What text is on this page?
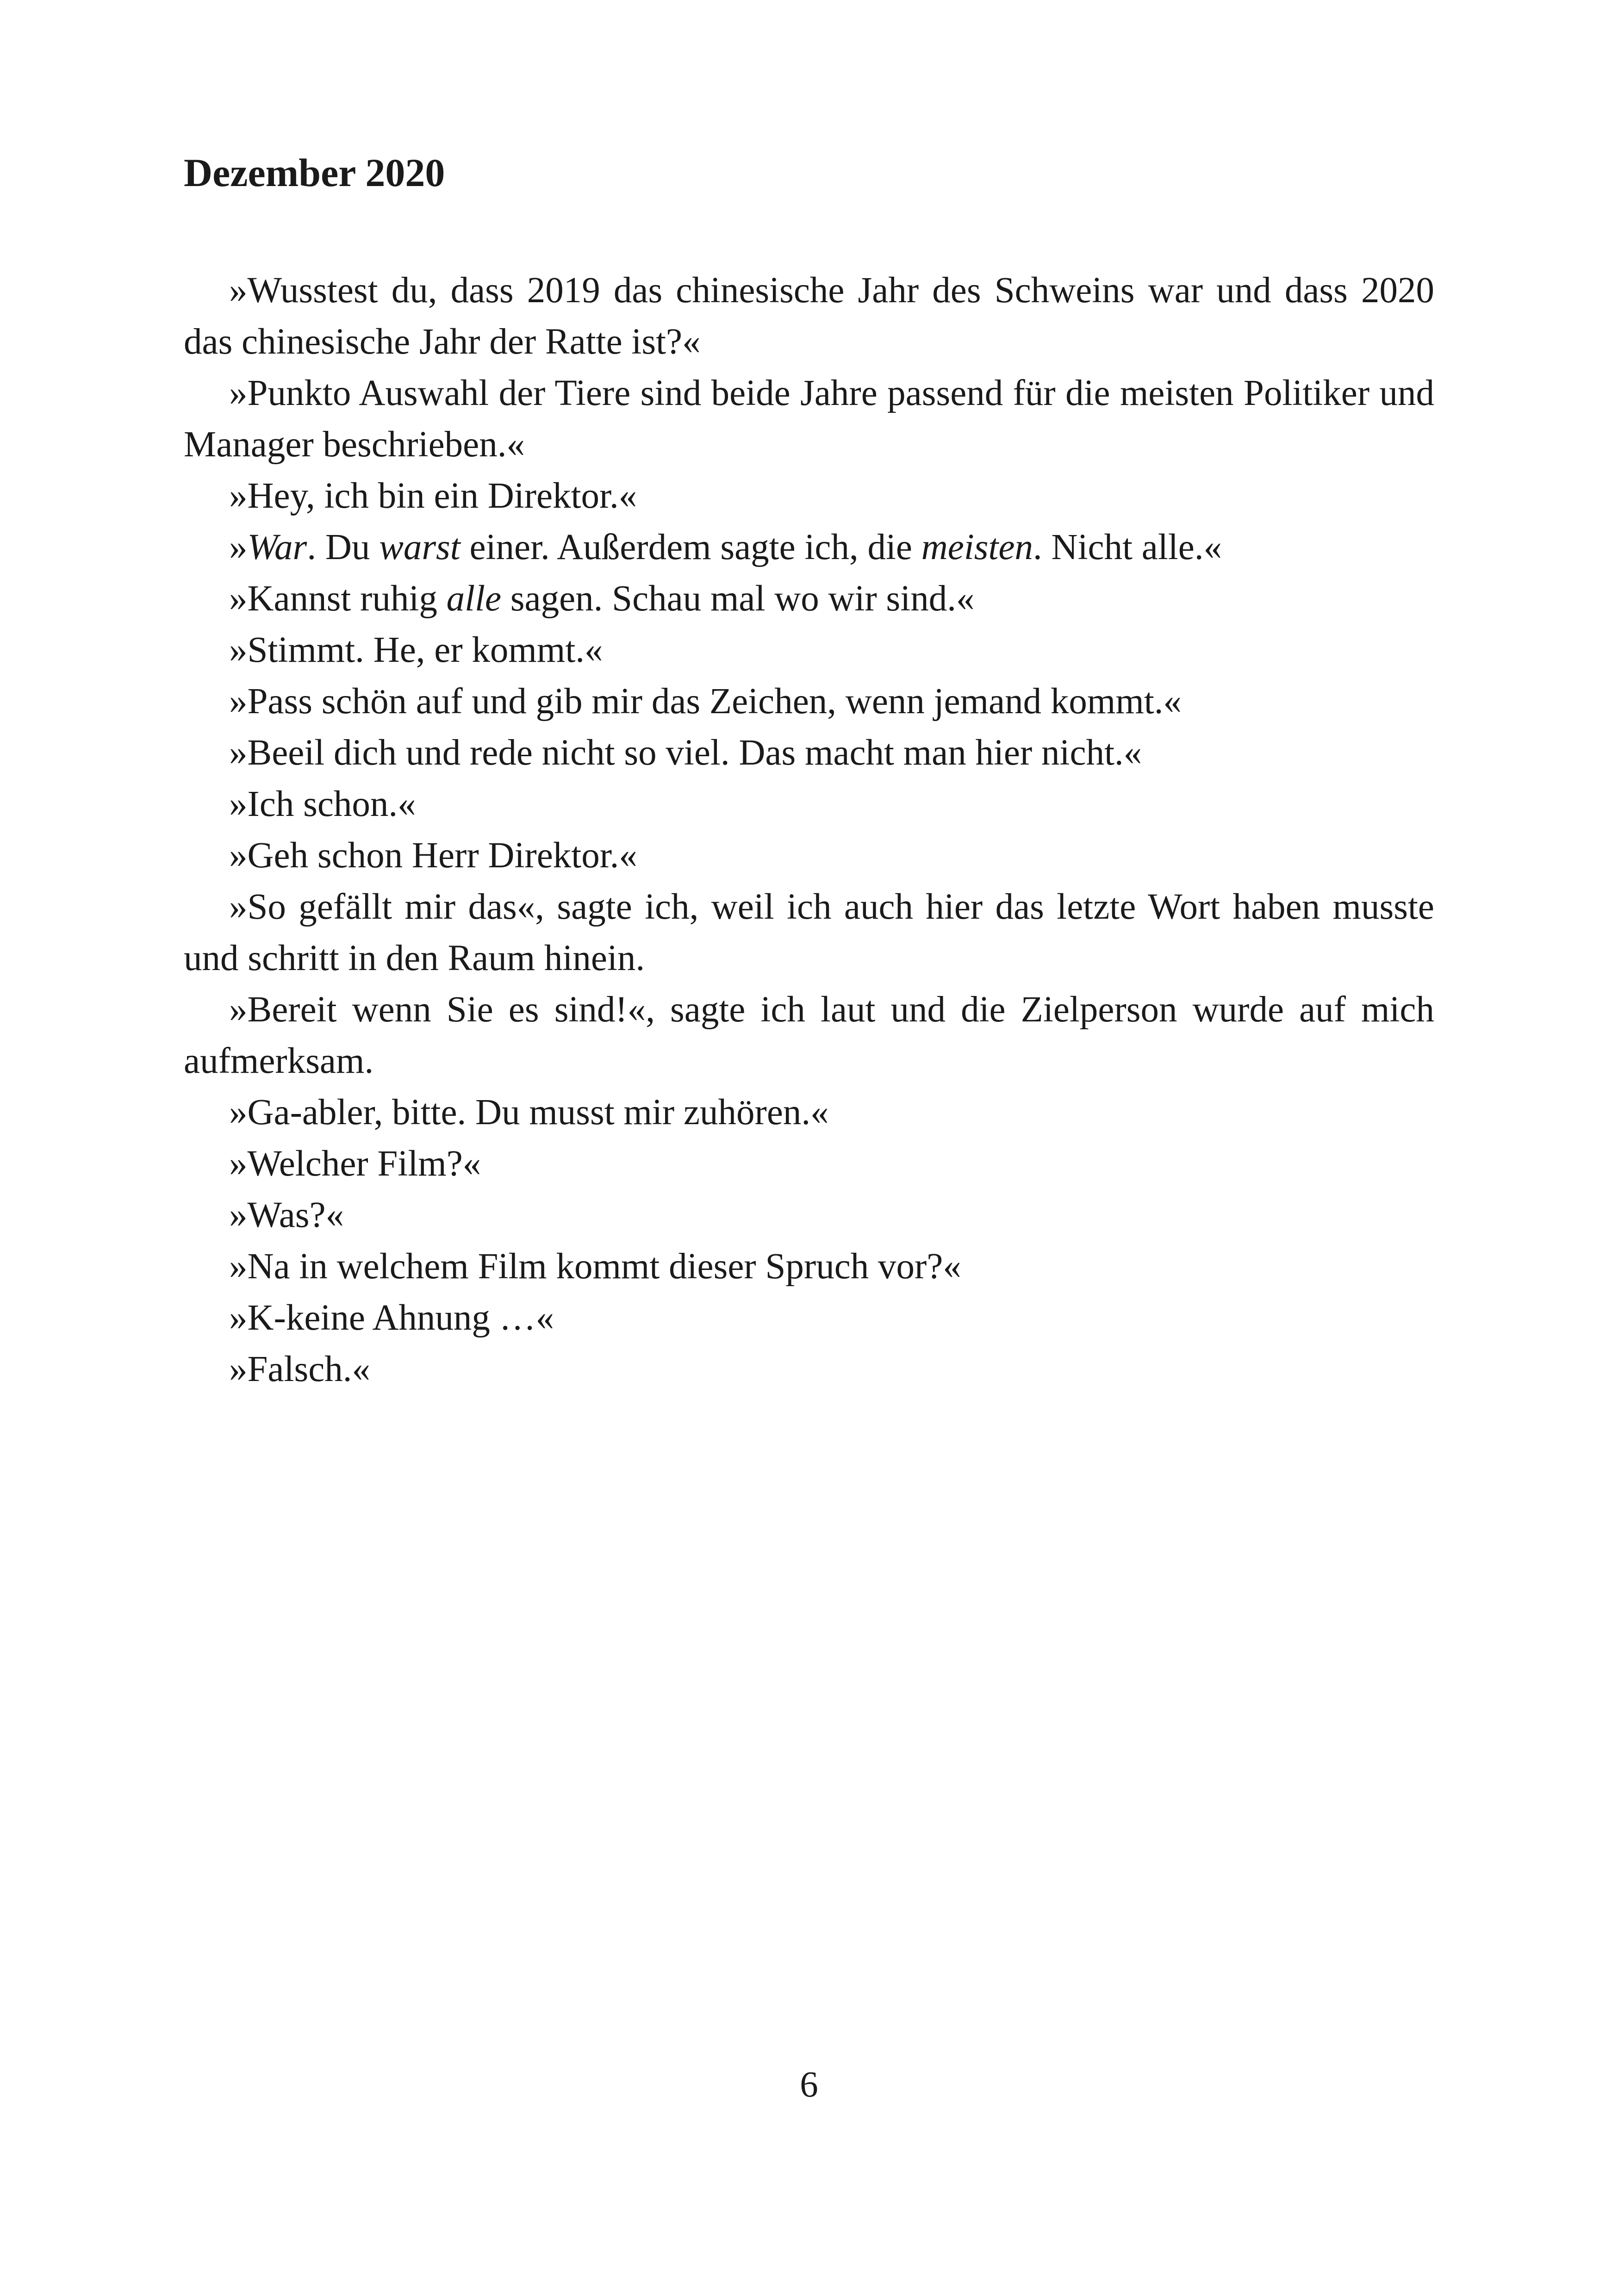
Dezember 2020

»Wusstest du, dass 2019 das chinesische Jahr des Schweins war und dass 2020 das chinesische Jahr der Ratte ist?«

»Punkto Auswahl der Tiere sind beide Jahre passend für die meisten Politiker und Manager beschrieben.«

»Hey, ich bin ein Direktor.«

»War. Du warst einer. Außerdem sagte ich, die meisten. Nicht alle.«

»Kannst ruhig alle sagen. Schau mal wo wir sind.«

»Stimmt. He, er kommt.«

»Pass schön auf und gib mir das Zeichen, wenn jemand kommt.«

»Beeil dich und rede nicht so viel. Das macht man hier nicht.«

»Ich schon.«

»Geh schon Herr Direktor.«

»So gefällt mir das«, sagte ich, weil ich auch hier das letzte Wort haben musste und schritt in den Raum hinein.

»Bereit wenn Sie es sind!«, sagte ich laut und die Zielperson wurde auf mich aufmerksam.

»Ga-abler, bitte. Du musst mir zuhören.«

»Welcher Film?«

»Was?«

»Na in welchem Film kommt dieser Spruch vor?«

»K-keine Ahnung …«

»Falsch.«

6
